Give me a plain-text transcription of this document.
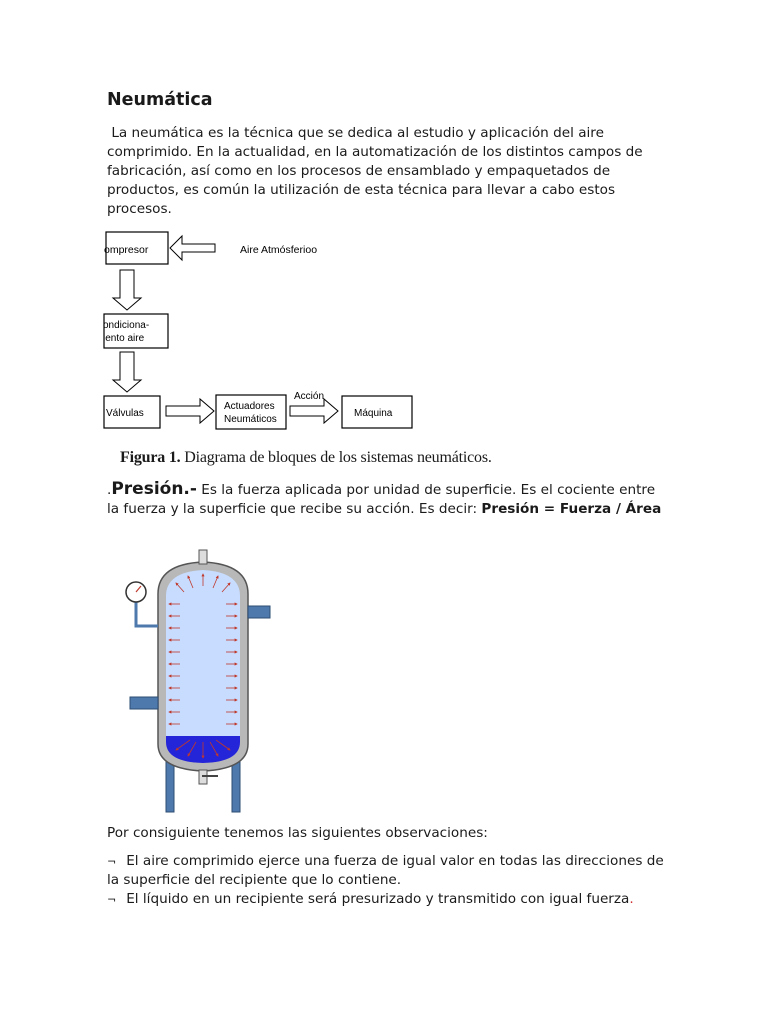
Neumática

La neumática es la técnica que se dedica al estudio y aplicación del aire comprimido. En la actualidad, en la automatización de los distintos campos de fabricación, así como en los procesos de ensamblado y empaquetados de productos, es común la utilización de esta técnica para llevar a cabo estos procesos.

ompresor	Aire Atmósferioo
ondiciona-
iento aire
Válvulas
Actuadores
Neumáticos
Acción
Máquina

Figura 1. Diagrama de bloques de los sistemas neumáticos.

.Presión.- Es la fuerza aplicada por unidad de superficie. Es el cociente entre la fuerza y la superficie que recibe su acción. Es decir: Presión = Fuerza / Área

Por consiguiente tenemos las siguientes observaciones:

¬ El aire comprimido ejerce una fuerza de igual valor en todas las direcciones de la superficie del recipiente que lo contiene.
¬ El líquido en un recipiente será presurizado y transmitido con igual fuerza.
